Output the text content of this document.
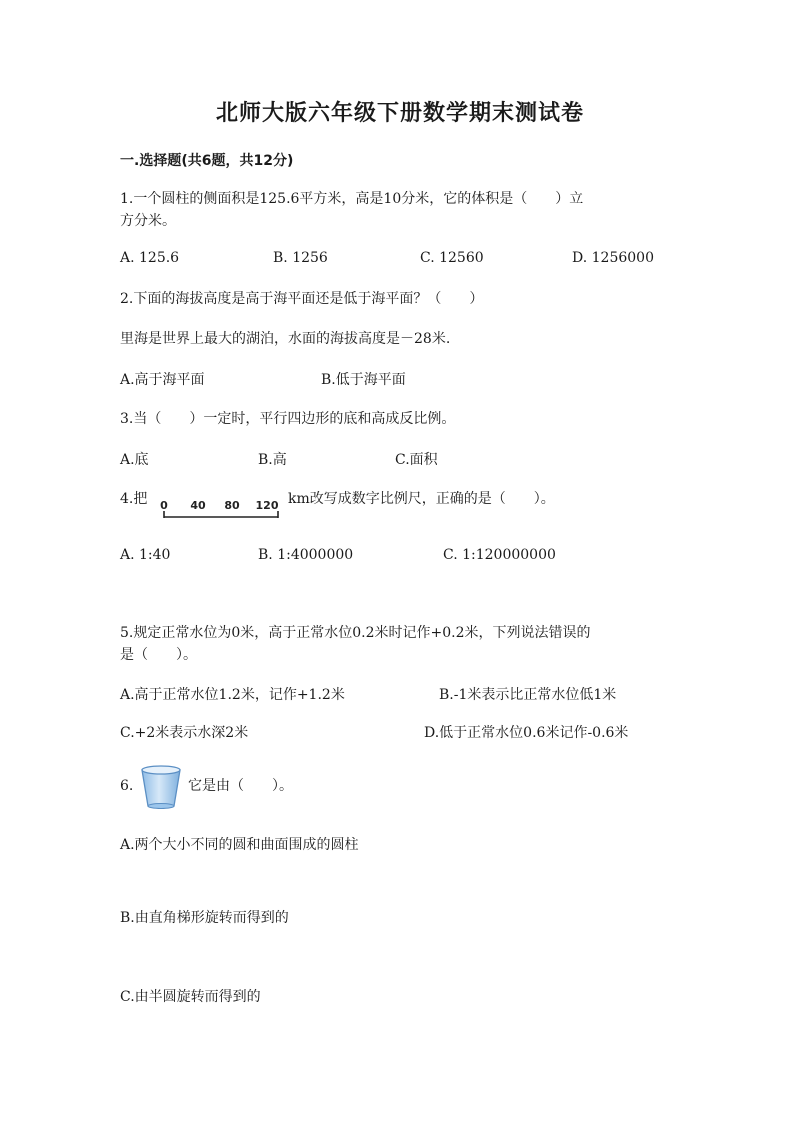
北师大版六年级下册数学期末测试卷
一.选择题(共6题，共12分)
1.一个圆柱的侧面积是125.6平方米，高是10分米，它的体积是（　　）立
方分米。
A. 125.6	B. 1256	C. 12560	D. 1256000
2.下面的海拔高度是高于海平面还是低于海平面？（　　）
里海是世界上最大的湖泊，水面的海拔高度是－28米.
A.高于海平面	B.低于海平面
3.当（　　）一定时，平行四边形的底和高成反比例。
A.底	B.高	C.面积
4.把 0 40 80 120 km改写成数字比例尺，正确的是（　　）。
A. 1:40	B. 1:4000000	C. 1:120000000
5.规定正常水位为0米，高于正常水位0.2米时记作+0.2米，下列说法错误的
是（　　）。
A.高于正常水位1.2米，记作+1.2米	B.-1米表示比正常水位低1米
C.+2米表示水深2米	D.低于正常水位0.6米记作-0.6米
6.	它是由（　　）。
A.两个大小不同的圆和曲面围成的圆柱
B.由直角梯形旋转而得到的
C.由半圆旋转而得到的
